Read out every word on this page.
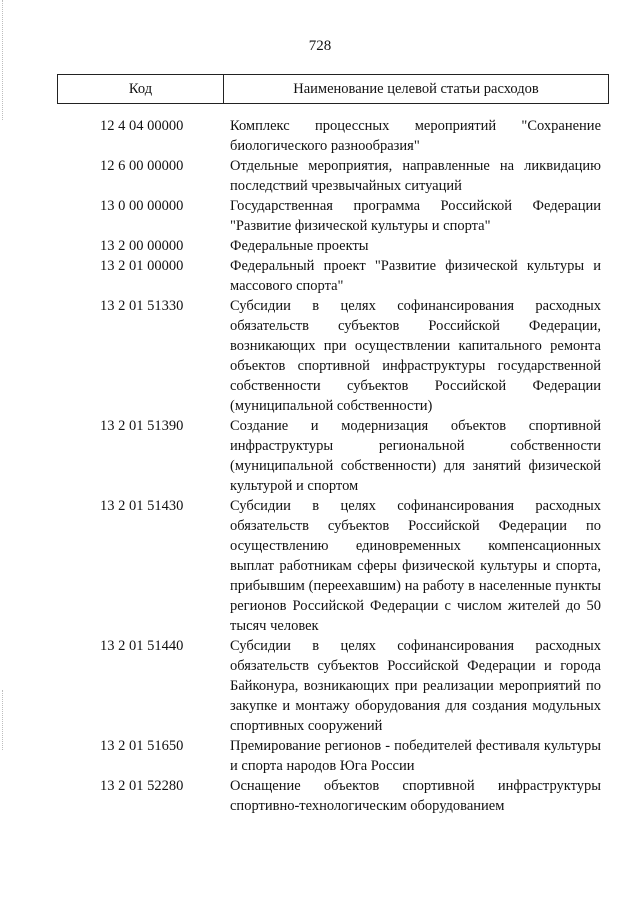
728
Код	Наименование целевой статьи расходов
12 4 04 00000	Комплекс процессных мероприятий "Сохранение биологического разнообразия"
12 6 00 00000	Отдельные мероприятия, направленные на ликвидацию последствий чрезвычайных ситуаций
13 0 00 00000	Государственная программа Российской Федерации "Развитие физической культуры и спорта"
13 2 00 00000	Федеральные проекты
13 2 01 00000	Федеральный проект "Развитие физической культуры и массового спорта"
13 2 01 51330	Субсидии в целях софинансирования расходных обязательств субъектов Российской Федерации, возникающих при осуществлении капитального ремонта объектов спортивной инфраструктуры государственной собственности субъектов Российской Федерации (муниципальной собственности)
13 2 01 51390	Создание и модернизация объектов спортивной инфраструктуры региональной собственности (муниципальной собственности) для занятий физической культурой и спортом
13 2 01 51430	Субсидии в целях софинансирования расходных обязательств субъектов Российской Федерации по осуществлению единовременных компенсационных выплат работникам сферы физической культуры и спорта, прибывшим (переехавшим) на работу в населенные пункты регионов Российской Федерации с числом жителей до 50 тысяч человек
13 2 01 51440	Субсидии в целях софинансирования расходных обязательств субъектов Российской Федерации и города Байконура, возникающих при реализации мероприятий по закупке и монтажу оборудования для создания модульных спортивных сооружений
13 2 01 51650	Премирование регионов - победителей фестиваля культуры и спорта народов Юга России
13 2 01 52280	Оснащение объектов спортивной инфраструктуры спортивно-технологическим оборудованием
